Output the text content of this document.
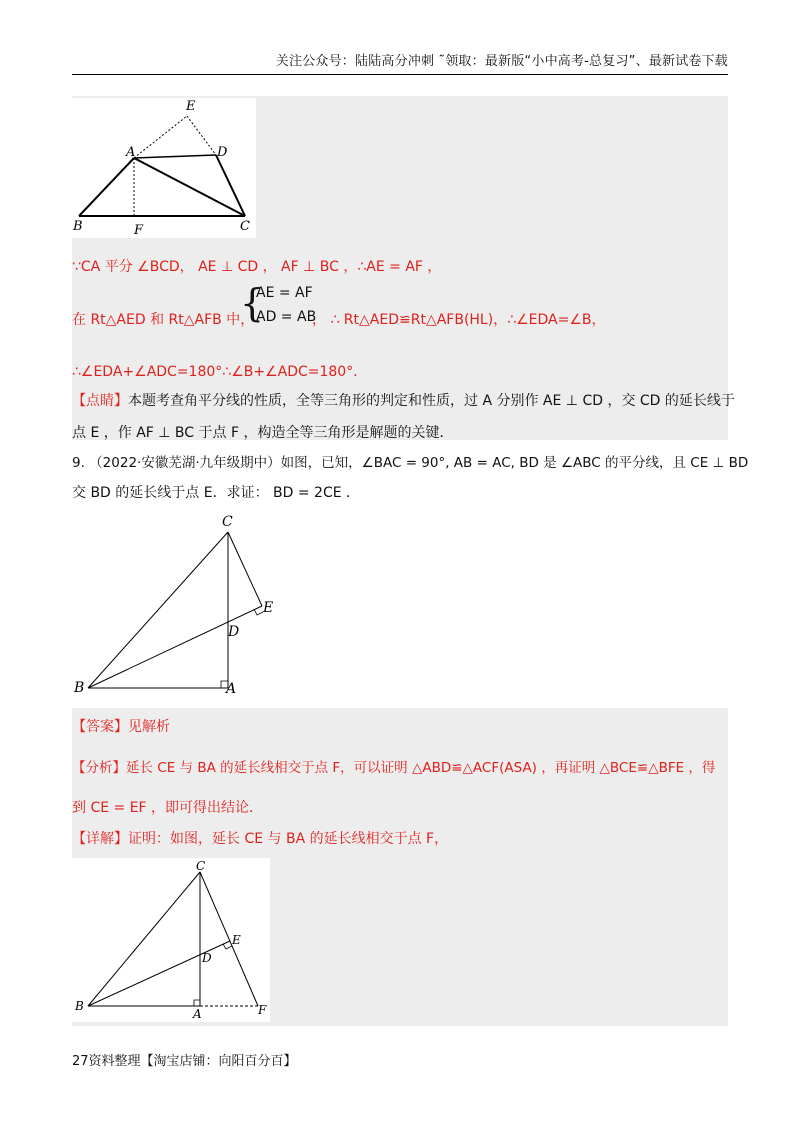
关注公众号：陆陆高分冲刺 ˜领取：最新版“小中高考-总复习”、最新试卷下载
E
A	D
B	F	C
∵CA 平分 ∠BCD， AE ⊥ CD ， AF ⊥ BC ，∴AE = AF ，
在 Rt△AED 和 Rt△AFB 中，
{
AE = AF
AD = AB
， ∴ Rt△AED≌Rt△AFB(HL)，∴∠EDA=∠B，
∴∠EDA+∠ADC=180°∴∠B+∠ADC=180°．
【点睛】本题考查角平分线的性质，全等三角形的判定和性质，过 A 分别作 AE ⊥ CD ，交 CD 的延长线于
点 E ，作 AF ⊥ BC 于点 F ，构造全等三角形是解题的关键．
9. （2022·安徽芜湖·九年级期中）如图，已知，∠BAC = 90°, AB = AC, BD 是 ∠ABC 的平分线，且 CE ⊥ BD
交 BD 的延长线于点 E．求证： BD = 2CE ．
C
E
D
B	A
【答案】见解析
【分析】延长 CE 与 BA 的延长线相交于点 F，可以证明 △ABD≌△ACF(ASA) ，再证明 △BCE≌△BFE ，得
到 CE = EF ，即可得出结论．
【详解】证明：如图，延长 CE 与 BA 的延长线相交于点 F，
C
E
D
B
A	F
27资料整理【淘宝店铺：向阳百分百】
